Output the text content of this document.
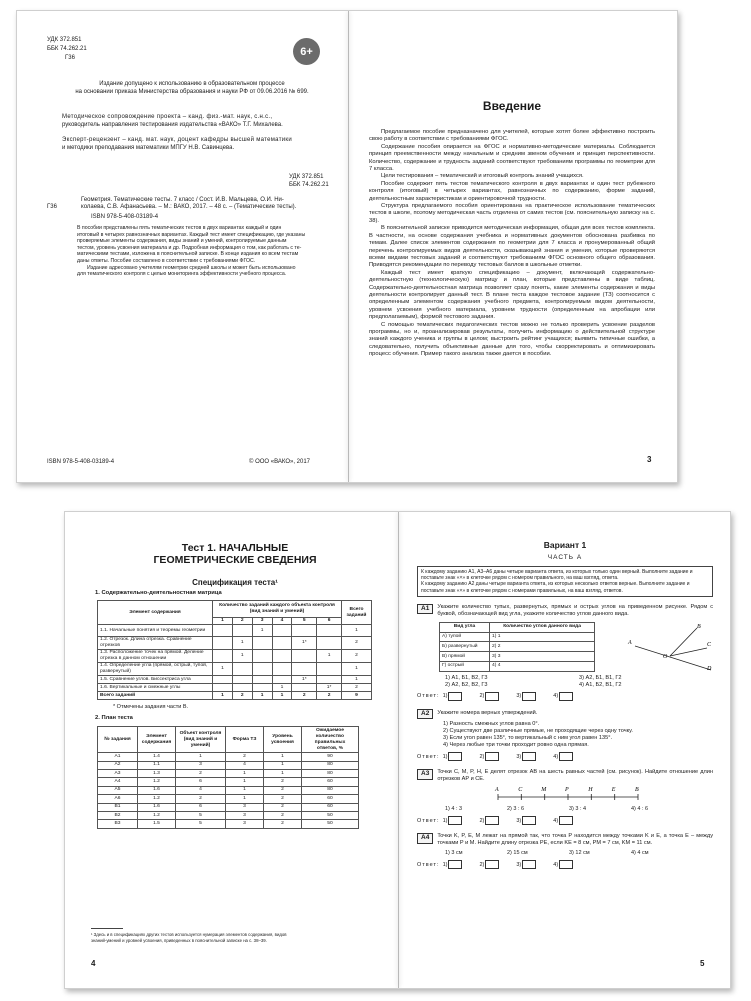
УДК 372.851
ББК 74.262.21
Г36
6+
Издание допущено к использованию в образовательном процессе
на основании приказа Министерства образования и науки РФ от 09.06.2016 № 699.
Методическое сопровождение проекта – канд. физ.-мат. наук, с.н.с.,
руководитель направления тестирования издательства «ВАКО» Т.Г. Михалева.
Эксперт-рецензент – канд. мат. наук, доцент кафедры высшей математики
и методики преподавания математики МПГУ Н.В. Савинцева.
УДК 372.851
ББК 74.262.21
Г36
Геометрия. Тематические тесты. 7 класс / Сост. И.В. Мальцева, О.И. Ни-
колаева, С.В. Афанасьева. – М.: ВАКО, 2017. – 48 с. – (Тематические тесты).
ISBN 978-5-408-03189-4
В пособии представлены пять тематических тестов в двух вариантах каждый и один
итоговый в четырех равнозначных вариантах. Каждый тест имеет спецификацию, где указаны
проверяемые элементы содержания, виды знаний и умений, контролируемые данным
тестом, уровень усвоения материала и др. Подробная информация о том, как работать с те-
матическими тестами, изложена в пояснительной записке. В конце издания ко всем тестам
даны ответы. Пособие составлено в соответствии с требованиями ФГОС.
Издание адресовано учителям геометрии средней школы и может быть использовано
для тематического контроля с целью мониторинга эффективности учебного процесса.
ISBN 978-5-408-03189-4	© ООО «ВАКО», 2017
Введение
Предлагаемое пособие предназначено для учителей, которые хотят более эффективно построить свою работу в соответствии с требованиями ФГОС.
Содержание пособия опирается на ФГОС и нормативно-методические материалы. Соблюдается принцип преемственности между начальным и средним звеном обучения и принцип перспективности. Количество, содержание и трудность заданий соответствуют требованиям программы по геометрии для 7 класса.
Цели тестирования – тематический и итоговый контроль знаний учащихся.
Пособие содержит пять тестов тематического контроля в двух вариантах и один тест рубежного контроля (итоговый) в четырех вариантах, равнозначных по содержанию, форме заданий, деятельностным характеристикам и ориентировочной трудности.
Структура предлагаемого пособия ориентирована на практическое использование тематических тестов в школе, поэтому методическая часть отделена от самих тестов (см. пояснительную записку на с. 38).
В пояснительной записке приводится методическая информация, общая для всех тестов комплекта. В частности, на основе содержания учебника и нормативных документов обоснована разбивка по темам. Далее список элементов содержания по геометрии для 7 класса и пронумерованный общий перечень контролируемых видов деятельности, сказывающей знания и умения, которые проверяются всеми видами тестовых заданий и соответствуют требованиям ФГОС основного общего образования. Приводятся рекомендации по переводу тестовых баллов в школьные отметки.
Каждый тест имеет краткую спецификацию – документ, включающий содержательно-деятельностную (технологическую) матрицу и план, которые представлены в виде таблиц. Содержательно-деятельностная матрица позволяет сразу понять, какие элементы содержания и виды деятельности контролирует данный тест. В плане теста каждое тестовое задание (ТЗ) соотносится с определенным элементом содержания учебного предмета, контролируемым видом деятельности, уровнем усвоения учебного материала, уровнем трудности (определенным на апробации или предполагаемым), формой тестового задания.
С помощью тематических педагогических тестов можно не только проверить усвоение разделов программы, но и, проанализировав результаты, получить информацию о действительной структуре знаний каждого ученика и группы в целом; выстроить рейтинг учащихся; выявить типичные ошибки, а следовательно, получить объективные данные для того, чтобы скорректировать и оптимизировать процесс обучения. Пример такого анализа также дается в пособии.
3
Тест 1. НАЧАЛЬНЫЕ
ГЕОМЕТРИЧЕСКИЕ СВЕДЕНИЯ
Спецификация теста¹
1. Содержательно-деятельностная матрица
Элемент содержания	Количество заданий каждого объекта контроля (вид знаний и умений)						Всего заданий
	1	2	3	4	5	6	
1.1. Начальные понятия и теоремы геометрии			1				1
1.2. Отрезок. Длина отрезка. Сравнение отрезков		1			1*		2
1.3. Расположение точек на прямой. Деление отрезка в данном отношении		1				1	2
1.4. Определение угла (прямой, острый, тупой, развернутый)	1						1
1.5. Сравнение углов. Биссектриса угла					1*		1
1.6. Вертикальные и смежные углы				1		1*	2
Всего заданий	1	2	1	1	2	2	9
* Отмечены задания части В.
2. План теста
№ задания	Элемент содержания	Объект контроля (вид знаний и умений)	Форма ТЗ	Уровень усвоения	Ожидаемое количество правильных ответов, %
А1	1.4	1	2	1	90
А2	1.1	3	4	1	80
А3	1.3	2	1	1	80
А4	1.2	6	1	2	60
А5	1.6	4	1	2	80
А6	1.2	2	1	2	60
В1	1.6	6	3	2	60
В2	1.2	5	3	2	50
В3	1.5	5	3	2	50
¹ Здесь и в спецификациях других тестов используется нумерация элементов содержания, видов
знаний-умений и уровней усвоения, приведенных в пояснительной записке на с. 38–39.
4
Вариант 1
ЧАСТЬ А
К каждому заданию А1, А3–А6 даны четыре варианта ответа, из которых только один верный. Выполните задание и поставьте знак «×» в клеточке рядом с номером правильного, на ваш взгляд, ответа.
К каждому заданию А2 даны четыре варианта ответа, из которых несколько ответов верные. Выполните задание и поставьте знак «×» в клеточке рядом с номерами правильных, на ваш взгляд, ответов.
А1	Укажите количество тупых, развернутых, прямых и острых углов на приведенном рисунке. Рядом с буквой, обозначающей вид угла, укажите количество углов данного вида.
Вид угла	Количество углов данного вида
А) тупой	1) 1
Б) развернутый	2) 2
В) прямой	3) 3
Г) острый	4) 4
A
B
C
D
O
1) А1, Б1, В2, Г3	3) А2, Б1, В1, Г2
2) А2, Б2, В2, Г3	4) А1, Б2, В1, Г2
Ответ: 1)	2)	3)	4)
А2	Укажите номера верных утверждений.
1) Разность смежных углов равна 0°.
2) Существуют две различные прямые, не проходящие через одну точку.
3) Если угол равен 135°, то вертикальный с ним угол равен 135°.
4) Через любые три точки проходит ровно одна прямая.
Ответ: 1)	2)	3)	4)
А3	Точки C, M, P, H, E делят отрезок AB на шесть равных частей (см. рисунок). Найдите отношение длин отрезков AP и CE.
A	C	M	P	H	E	B
1) 4 : 3	2) 3 : 6	3) 3 : 4	4) 4 : 6
Ответ: 1)	2)	3)	4)
А4	Точки K, P, E, M лежат на прямой так, что точка P находится между точками K и E, а точка E – между точками P и M. Найдите длину отрезка PE, если KE = 8 см, PM = 7 см, KM = 11 см.
1) 3 см	2) 15 см	3) 12 см	4) 4 см
Ответ: 1)	2)	3)	4)
5
